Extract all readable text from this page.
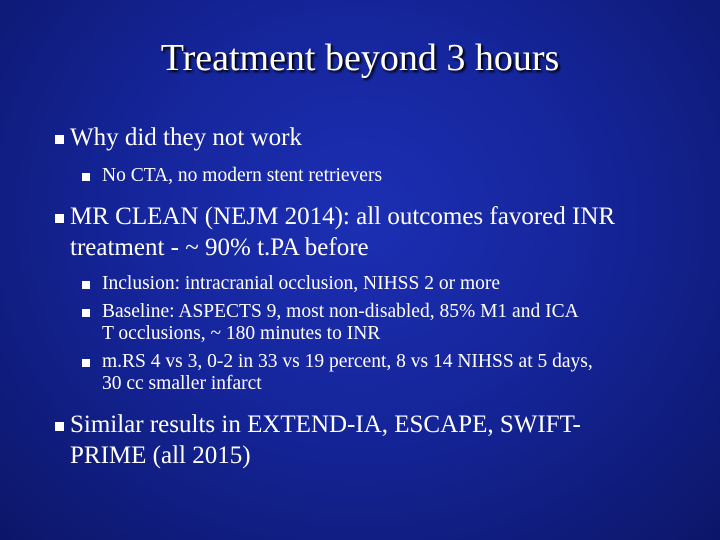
Treatment beyond 3 hours
Why did they not work
No CTA, no modern stent retrievers
MR CLEAN (NEJM 2014): all outcomes favored INR
treatment - ~ 90% t.PA before
Inclusion: intracranial occlusion, NIHSS 2 or more
Baseline: ASPECTS 9, most non-disabled, 85% M1 and ICA
T occlusions, ~ 180 minutes to INR
m.RS 4 vs 3, 0-2 in 33 vs 19 percent, 8 vs 14 NIHSS at 5 days,
30 cc smaller infarct
Similar results in EXTEND-IA, ESCAPE, SWIFT-
PRIME (all 2015)
